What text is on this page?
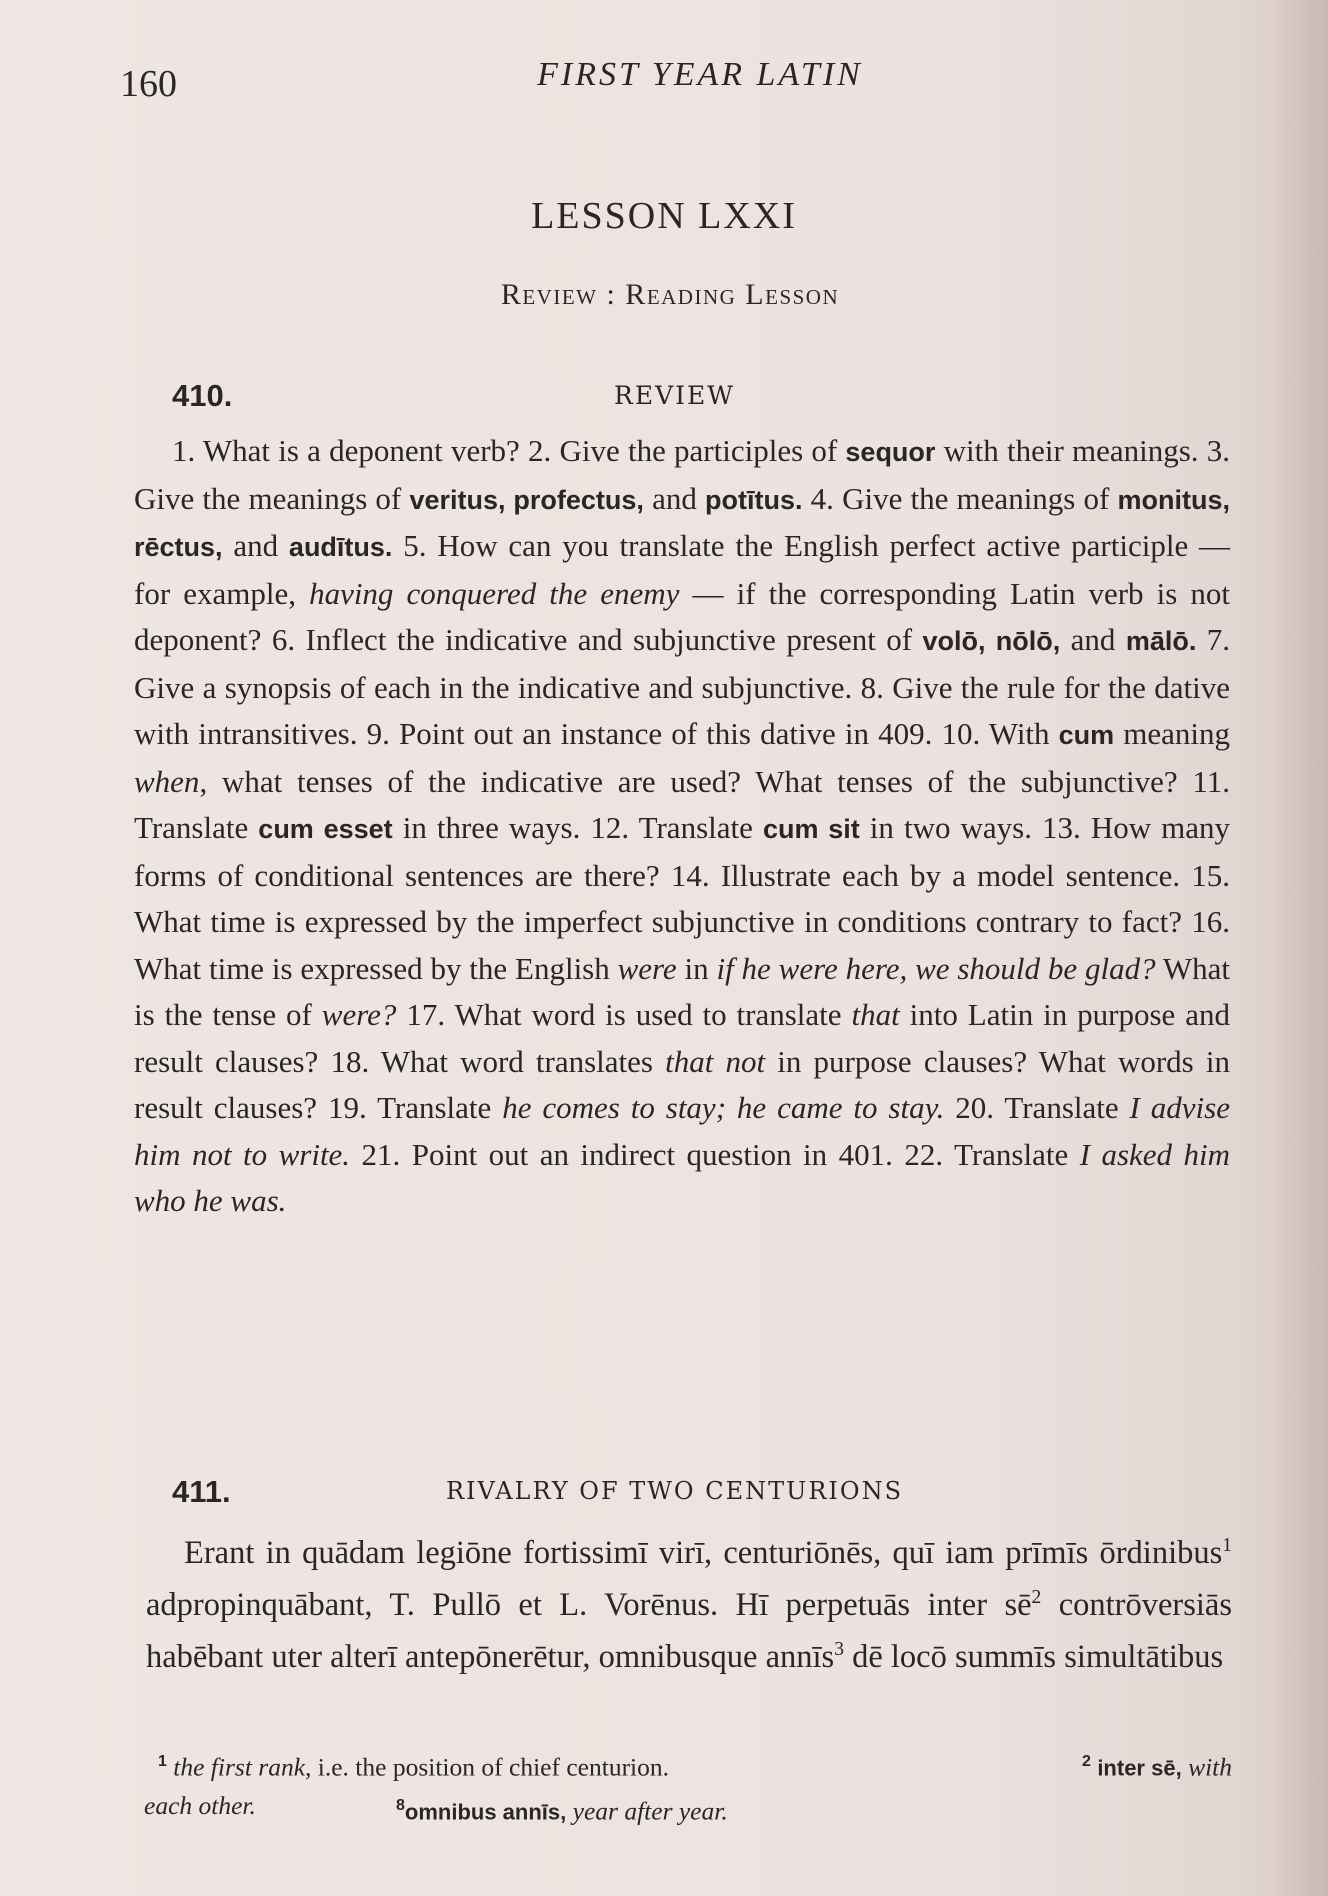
160	FIRST YEAR LATIN
LESSON LXXI
Review : Reading Lesson
410.	REVIEW

1. What is a deponent verb? 2. Give the participles of sequor with their meanings. 3. Give the meanings of veritus, profectus, and potītus. 4. Give the meanings of monitus, rēctus, and audītus. 5. How can you translate the English perfect active participle — for example, having conquered the enemy — if the corresponding Latin verb is not deponent? 6. Inflect the indicative and subjunctive present of volō, nōlō, and mālō. 7. Give a synopsis of each in the indicative and subjunctive. 8. Give the rule for the dative with intransitives. 9. Point out an instance of this dative in 409. 10. With cum meaning when, what tenses of the indicative are used? What tenses of the subjunctive? 11. Translate cum esset in three ways. 12. Translate cum sit in two ways. 13. How many forms of conditional sentences are there? 14. Illustrate each by a model sentence. 15. What time is expressed by the imperfect subjunctive in conditions contrary to fact? 16. What time is expressed by the English were in if he were here, we should be glad? What is the tense of were? 17. What word is used to translate that into Latin in purpose and result clauses? 18. What word translates that not in purpose clauses? What words in result clauses? 19. Translate he comes to stay; he came to stay. 20. Translate I advise him not to write. 21. Point out an indirect question in 401. 22. Translate I asked him who he was.

411.	RIVALRY OF TWO CENTURIONS

Erant in quādam legiōne fortissimī virī, centuriōnēs, quī iam prīmīs ōrdinibus$^1$ adpropinquābant, T. Pullō et L. Vorēnus. Hī perpetuās inter $sē^2$ contrōversiās habēbant uter alterī antepōnerētur, omnibusque annīs$^3$ dē locō summīs simultātibus

$^1$ the first rank, i.e. the position of chief centurion.	$^2$ inter sē, with
each other.	$^8$omnibus annīs, year after year.
